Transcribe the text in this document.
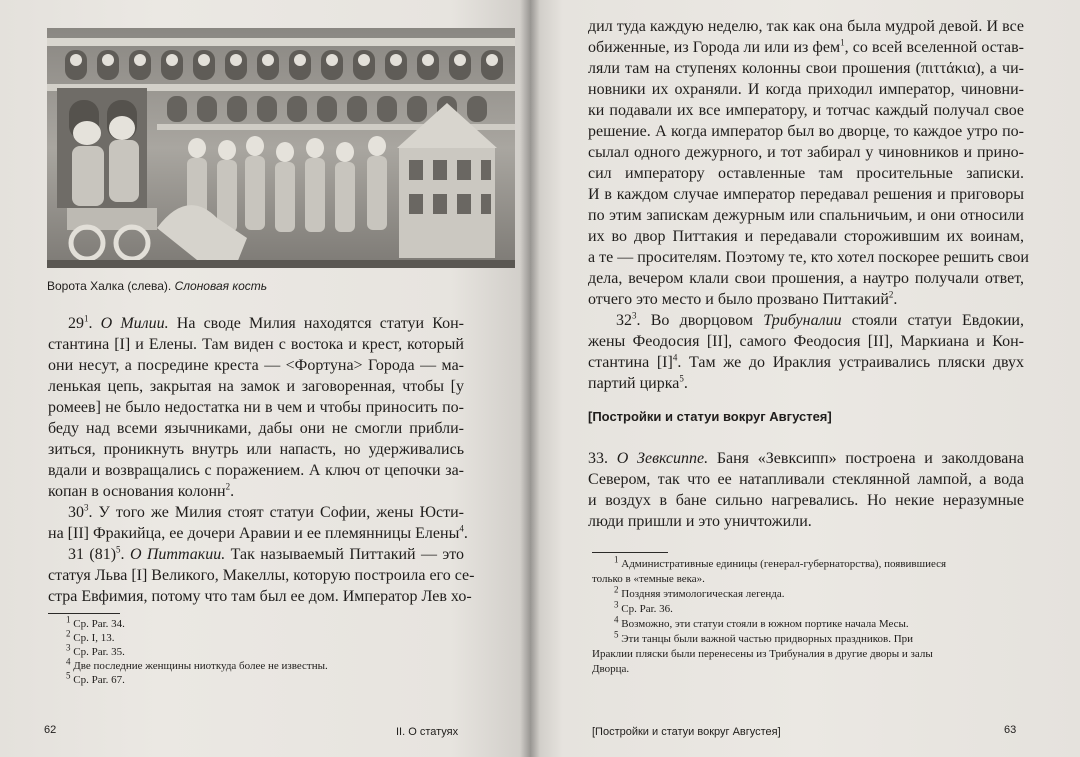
Ворота Халка (слева). Слоновая кость
$29^1$. О Милии. На своде Милия находятся статуи Кон-
стантина [I] и Елены. Там виден с востока и крест, который
они несут, а посредине креста — <Фортуна> Города — ма-
ленькая цепь, закрытая на замок и заговоренная, чтобы [у
ромеев] не было недостатка ни в чем и чтобы приносить по-
беду над всеми язычниками, дабы они не смогли прибли-
зиться, проникнуть внутрь или напасть, но удерживались
вдали и возвращались с поражением. А ключ от цепочки за-
копан в основания колонн$^2$.
$30^3$. У того же Милия стоят статуи Софии, жены Юсти-
на [II] Фракийца, ее дочери Аравии и ее племянницы Елены$^4$.
31 $(81)^5$. О Питтакии. Так называемый Питтакий — это
статуя Льва [I] Великого, Макеллы, которую построила его се-
стра Евфимия, потому что там был ее дом. Император Лев хо-
$^1$ Ср. Par. 34.
$^2$ Ср. I, 13.
$^3$ Ср. Par. 35.
$^4$ Две последние женщины ниоткуда более не известны.
$^5$ Ср. Par. 67.
62	II. О статуях
дил туда каждую неделю, так как она была мудрой девой. И все
обиженные, из Города ли или из фем$^1$, со всей вселенной остав-
ляли там на ступенях колонны свои прошения (πιττάκια), а чи-
новники их охраняли. И когда приходил император, чиновни-
ки подавали их все императору, и тотчас каждый получал свое
решение. А когда император был во дворце, то каждое утро по-
сылал одного дежурного, и тот забирал у чиновников и прино-
сил императору оставленные там просительные записки.
И в каждом случае император передавал решения и приговоры
по этим запискам дежурным или спальничьим, и они относили
их во двор Питтакия и передавали сторожившим их воинам,
а те — просителям. Поэтому те, кто хотел поскорее решить свои
дела, вечером клали свои прошения, а наутро получали ответ,
отчего это место и было прозвано Питтакий$^2$.
$32^3$. Во дворцовом Трибуналии стояли статуи Евдокии,
жены Феодосия [II], самого Феодосия [II], Маркиана и Кон-
стантина $[I]^4$. Там же до Ираклия устраивались пляски двух
партий цирка$^5$.
[Постройки и статуи вокруг Августея]
33. О Зевксиппе. Баня «Зевксипп» построена и заколдована
Севером, так что ее натапливали стеклянной лампой, а вода
и воздух в бане сильно нагревались. Но некие неразумные
люди пришли и это уничтожили.
$^1$ Административные единицы (генерал-губернаторства), появившиеся
только в «темные века».
$^2$ Поздняя этимологическая легенда.
$^3$ Ср. Par. 36.
$^4$ Возможно, эти статуи стояли в южном портике начала Месы.
$^5$ Эти танцы были важной частью придворных праздников. При
Ираклии пляски были перенесены из Трибуналия в другие дворы и залы
Дворца.
[Постройки и статуи вокруг Августея]	63
